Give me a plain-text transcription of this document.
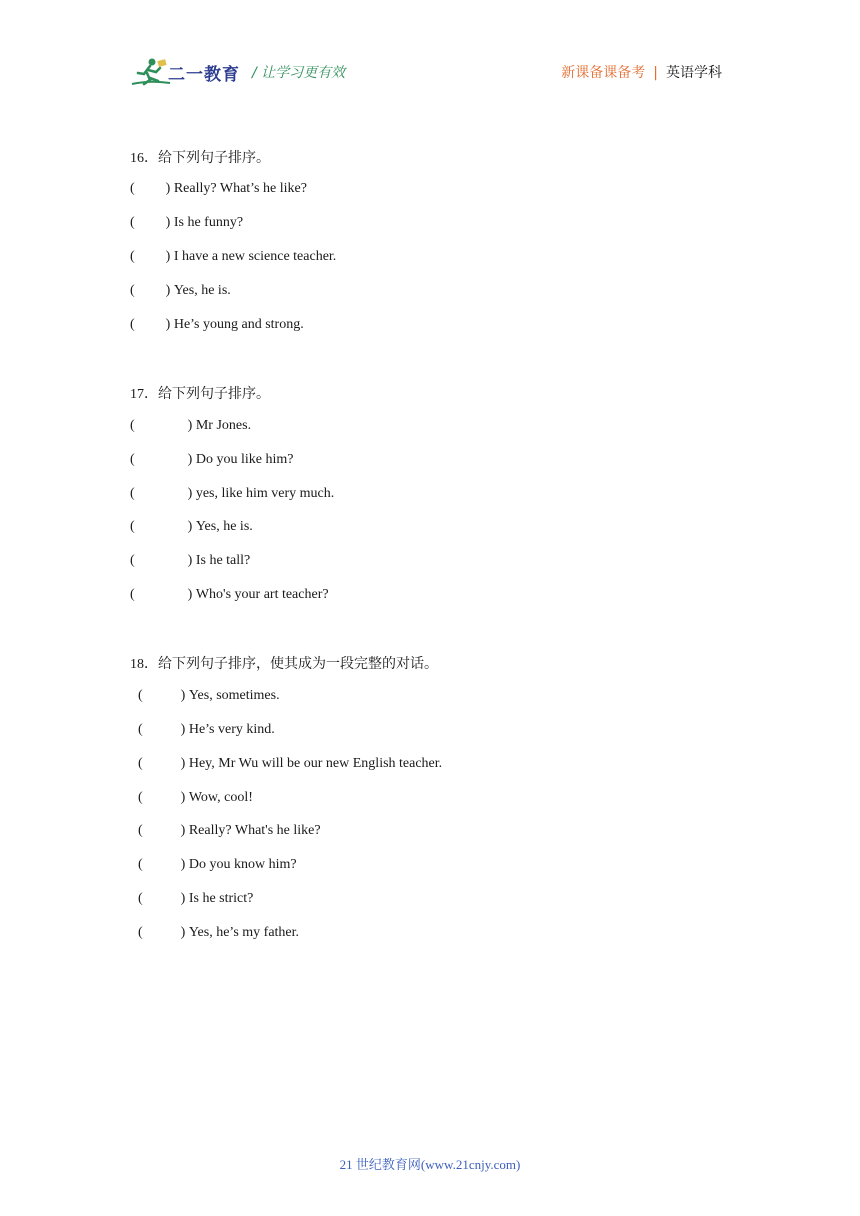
二一教育 / 让学习更有效	新课备课备考 | 英语学科
16．给下列句子排序。
( ) Really? What’s he like?
( ) Is he funny?
( ) I have a new science teacher.
( ) Yes, he is.
( ) He’s young and strong.
17．给下列句子排序。
(	) Mr Jones.
(	) Do you like him?
(	) yes, like him very much.
(	) Yes, he is.
(	) Is he tall?
(	) Who's your art teacher?
18．给下列句子排序，使其成为一段完整的对话。
(	) Yes, sometimes.
(	) He’s very kind.
(	) Hey, Mr Wu will be our new English teacher.
(	) Wow, cool!
(	) Really? What's he like?
(	) Do you know him?
(	) Is he strict?
(	) Yes, he’s my father.
21 世纪教育网(www.21cnjy.com)
